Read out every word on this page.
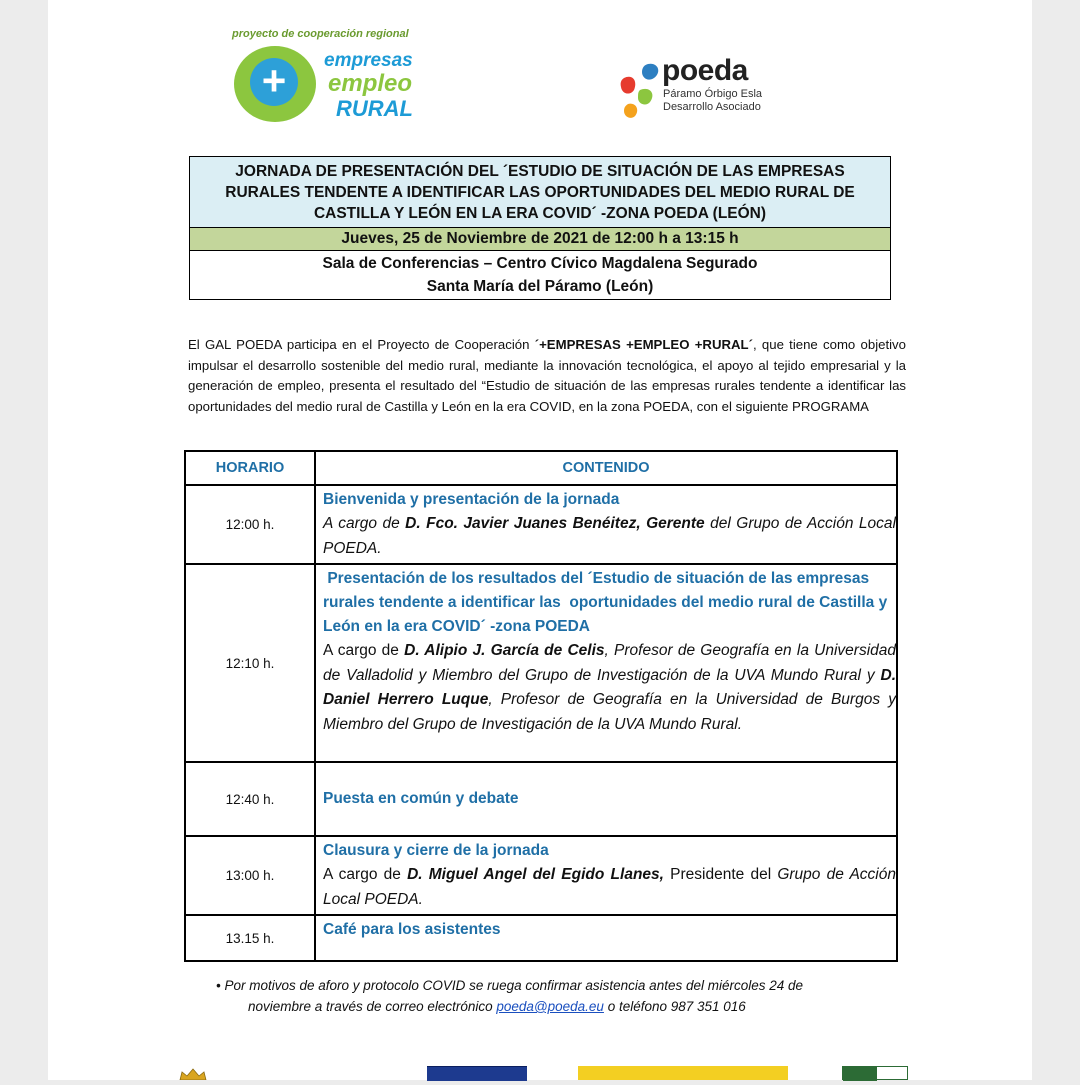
proyecto de cooperación regional
+	empresas
empleo
RURAL
poeda
Páramo Órbigo Esla
Desarrollo Asociado
JORNADA DE PRESENTACIÓN DEL ´ESTUDIO DE SITUACIÓN DE LAS EMPRESAS
RURALES TENDENTE A IDENTIFICAR LAS OPORTUNIDADES DEL MEDIO RURAL DE
CASTILLA Y LEÓN EN LA ERA COVID´ -ZONA POEDA (LEÓN)
Jueves, 25 de Noviembre de 2021 de 12:00 h a 13:15 h
Sala de Conferencias – Centro Cívico Magdalena Segurado
Santa María del Páramo (León)
El GAL POEDA participa en el Proyecto de Cooperación ´+EMPRESAS +EMPLEO +RURAL´, que tiene como objetivo impulsar el desarrollo sostenible del medio rural, mediante la innovación tecnológica, el apoyo al tejido empresarial y la generación de empleo, presenta el resultado del “Estudio de situación de las empresas rurales tendente a identificar las oportunidades del medio rural de Castilla y León en la era COVID, en la zona POEDA, con el siguiente PROGRAMA
HORARIO	CONTENIDO
12:00 h.	Bienvenida y presentación de la jornada
A cargo de D. Fco. Javier Juanes Benéitez, Gerente del Grupo de Acción Local POEDA.

12:10 h.	Presentación de los resultados del ´Estudio de situación de las empresas rurales tendente a identificar las  oportunidades del medio rural de Castilla y León en la era COVID´ -zona POEDA
A cargo de D. Alipio J. García de Celis, Profesor de Geografía en la Universidad de Valladolid y Miembro del Grupo de Investigación de la UVA Mundo Rural y D. Daniel Herrero Luque, Profesor de Geografía en la Universidad de Burgos y Miembro del Grupo de Investigación de la UVA Mundo Rural.

12:40 h.	Puesta en común y debate

13:00 h.	Clausura y cierre de la jornada
A cargo de D. Miguel Angel del Egido Llanes, Presidente del Grupo de Acción Local POEDA.

13.15 h.	Café para los asistentes
• Por motivos de aforo y protocolo COVID se ruega confirmar asistencia antes del miércoles 24 de
noviembre a través de correo electrónico poeda@poeda.eu o teléfono 987 351 016
